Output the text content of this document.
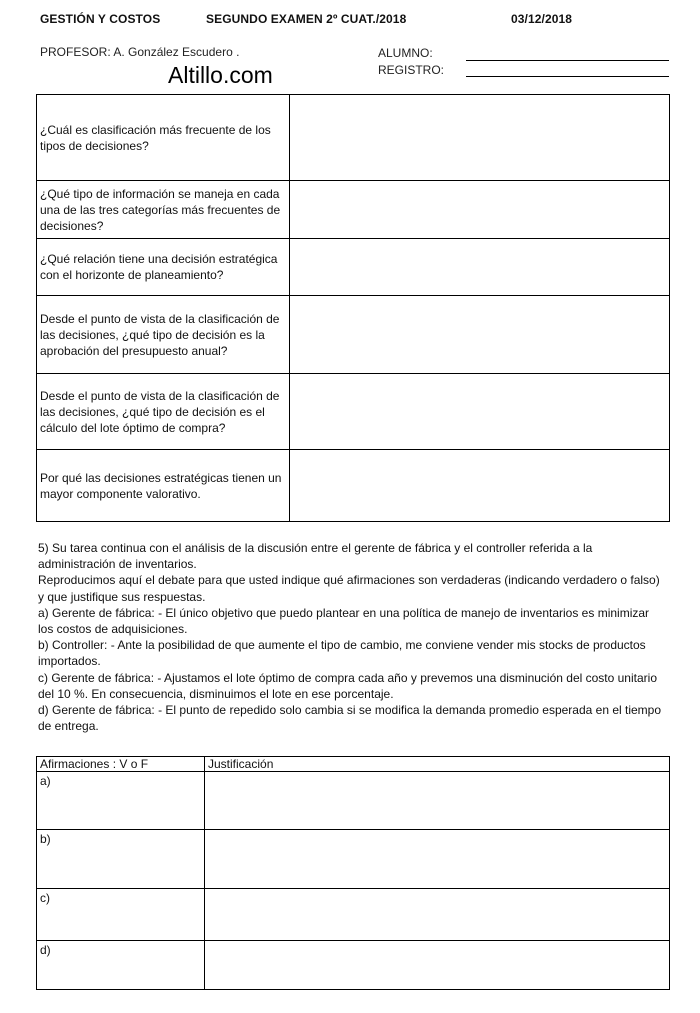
GESTIÓN Y COSTOS	SEGUNDO EXAMEN 2º CUAT./2018	03/12/2018
PROFESOR: A. González Escudero .	ALUMNO:
REGISTRO:
Altillo.com
¿Cuál es clasificación más frecuente de los tipos de decisiones?
¿Qué tipo de información se maneja en cada una de las tres categorías más frecuentes de decisiones?
¿Qué relación tiene una decisión estratégica con el horizonte de planeamiento?
Desde el punto de vista de la clasificación de las decisiones, ¿qué tipo de decisión es la aprobación del presupuesto anual?
Desde el punto de vista de la clasificación de las decisiones, ¿qué tipo de decisión es el cálculo del lote óptimo de compra?
Por qué las decisiones estratégicas tienen un mayor componente valorativo.

5) Su tarea continua con el análisis de la discusión entre el gerente de fábrica y el controller referida a la administración de inventarios.

Reproducimos aquí el debate para que usted indique qué afirmaciones son verdaderas (indicando verdadero o falso) y que justifique sus respuestas.

a) Gerente de fábrica: - El único objetivo que puedo plantear en una política de manejo de inventarios es minimizar los costos de adquisiciones.

b) Controller: - Ante la posibilidad de que aumente el tipo de cambio, me conviene vender mis stocks de productos importados.

c) Gerente de fábrica: - Ajustamos el lote óptimo de compra cada año y prevemos una disminución del costo unitario del 10 %. En consecuencia, disminuimos el lote en ese porcentaje.

d) Gerente de fábrica: - El punto de repedido solo cambia si se modifica la demanda promedio esperada en el tiempo de entrega.

Afirmaciones : V o F	Justificación
a)
b)
c)
d)
